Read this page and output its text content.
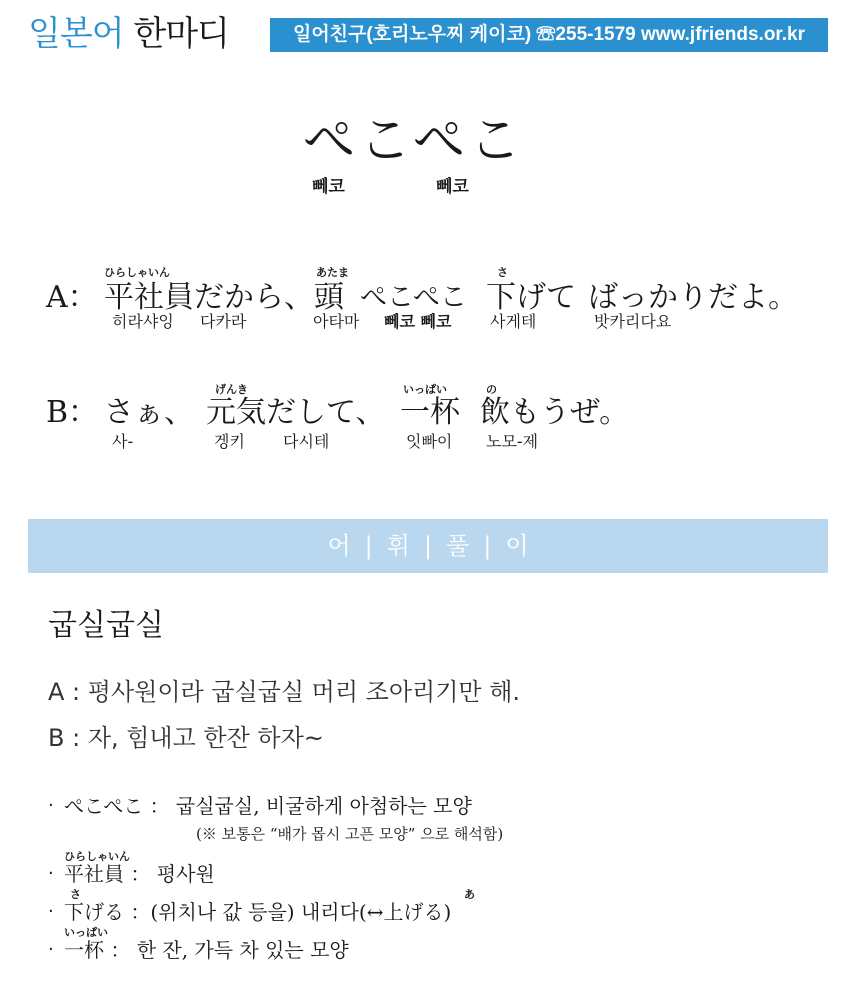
일본어 한마디	일어친구(호리노우찌 케이코) ☏255-1579 www.jfriends.or.kr
ぺこぺこ
뻬코	뻬코
ひらしゃいん	あたま	さ
A： 平社員だから、 頭 ぺこぺこ 下げて ばっかりだよ。
히라샤잉 다카라	아타마 뻬코 뻬코 사게테	밧카리다요
げんき	いっぱい	の
B： さぁ、 元気だして、 一杯 飲もうぜ。
사-	겡키 다시테	잇빠이 노모-제
어 | 휘 | 풀 | 이
굽실굽실
A : 평사원이라 굽실굽실 머리 조아리기만 해.
B : 자, 힘내고 한잔 하자~
· ぺこぺこ ： 굽실굽실, 비굴하게 아첨하는 모양
(※ 보통은 “배가 몹시 고픈 모양” 으로 해석함)
ひらしゃいん
· 平社員 ： 평사원
さ	あ
· 下げる ：(위치나 값 등을) 내리다(↔上げる)
いっぱい
· 一杯 ： 한 잔, 가득 차 있는 모양
